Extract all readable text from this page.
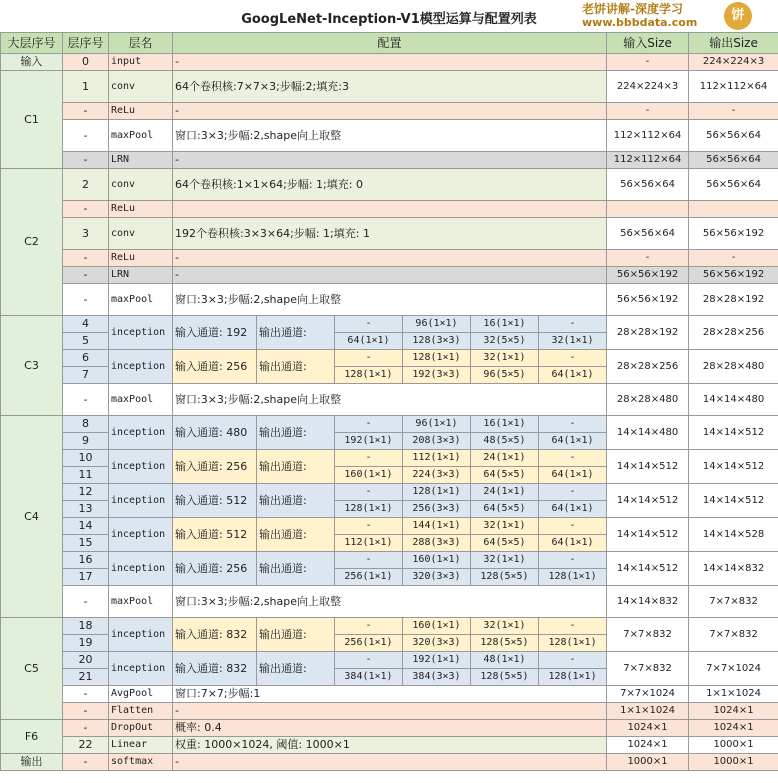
GoogLeNet-Inception-V1模型运算与配置列表
老饼讲解-深度学习
www.bbbdata.com	饼
大层序号	层序号	层名	配置						输入Size	输出Size
输入	0	input	-						-	224×224×3
C1	1	conv	64个卷积核:7×7×3;步幅:2;填充:3						224×224×3	112×112×64
	-	ReLu	-						-	-
	-	maxPool	窗口:3×3;步幅:2,shape向上取整						112×112×64	56×56×64
	-	LRN	-						112×112×64	56×56×64
C2	2	conv	64个卷积核:1×1×64;步幅: 1;填充: 0						56×56×64	56×56×64
	-	ReLu								
	3	conv	192个卷积核:3×3×64;步幅: 1;填充: 1						56×56×64	56×56×192
	-	ReLu	-						-	-
	-	LRN	-						56×56×192	56×56×192
	-	maxPool	窗口:3×3;步幅:2,shape向上取整						56×56×192	28×28×192
C3	4	inception	输入通道: 192	输出通道:	-	96(1×1)	16(1×1)	-	28×28×192	28×28×256
	5				64(1×1)	128(3×3)	32(5×5)	32(1×1)		
	6	inception	输入通道: 256	输出通道:	-	128(1×1)	32(1×1)	-	28×28×256	28×28×480
	7				128(1×1)	192(3×3)	96(5×5)	64(1×1)		
	-	maxPool	窗口:3×3;步幅:2,shape向上取整						28×28×480	14×14×480
C4	8	inception	输入通道: 480	输出通道:	-	96(1×1)	16(1×1)	-	14×14×480	14×14×512
	9				192(1×1)	208(3×3)	48(5×5)	64(1×1)		
	10	inception	输入通道: 256	输出通道:	-	112(1×1)	24(1×1)	-	14×14×512	14×14×512
	11				160(1×1)	224(3×3)	64(5×5)	64(1×1)		
	12	inception	输入通道: 512	输出通道:	-	128(1×1)	24(1×1)	-	14×14×512	14×14×512
	13				128(1×1)	256(3×3)	64(5×5)	64(1×1)		
	14	inception	输入通道: 512	输出通道:	-	144(1×1)	32(1×1)	-	14×14×512	14×14×528
	15				112(1×1)	288(3×3)	64(5×5)	64(1×1)		
	16	inception	输入通道: 256	输出通道:	-	160(1×1)	32(1×1)	-	14×14×512	14×14×832
	17				256(1×1)	320(3×3)	128(5×5)	128(1×1)		
	-	maxPool	窗口:3×3;步幅:2,shape向上取整						14×14×832	7×7×832
C5	18	inception	输入通道: 832	输出通道:	-	160(1×1)	32(1×1)	-	7×7×832	7×7×832
	19				256(1×1)	320(3×3)	128(5×5)	128(1×1)		
	20	inception	输入通道: 832	输出通道:	-	192(1×1)	48(1×1)	-	7×7×832	7×7×1024
	21				384(1×1)	384(3×3)	128(5×5)	128(1×1)		
	-	AvgPool	窗口:7×7;步幅:1						7×7×1024	1×1×1024
	-	Flatten	-						1×1×1024	1024×1
F6	-	DropOut	概率: 0.4						1024×1	1024×1
	22	Linear	权重: 1000×1024, 阈值: 1000×1						1024×1	1000×1
输出	-	softmax	-						1000×1	1000×1
